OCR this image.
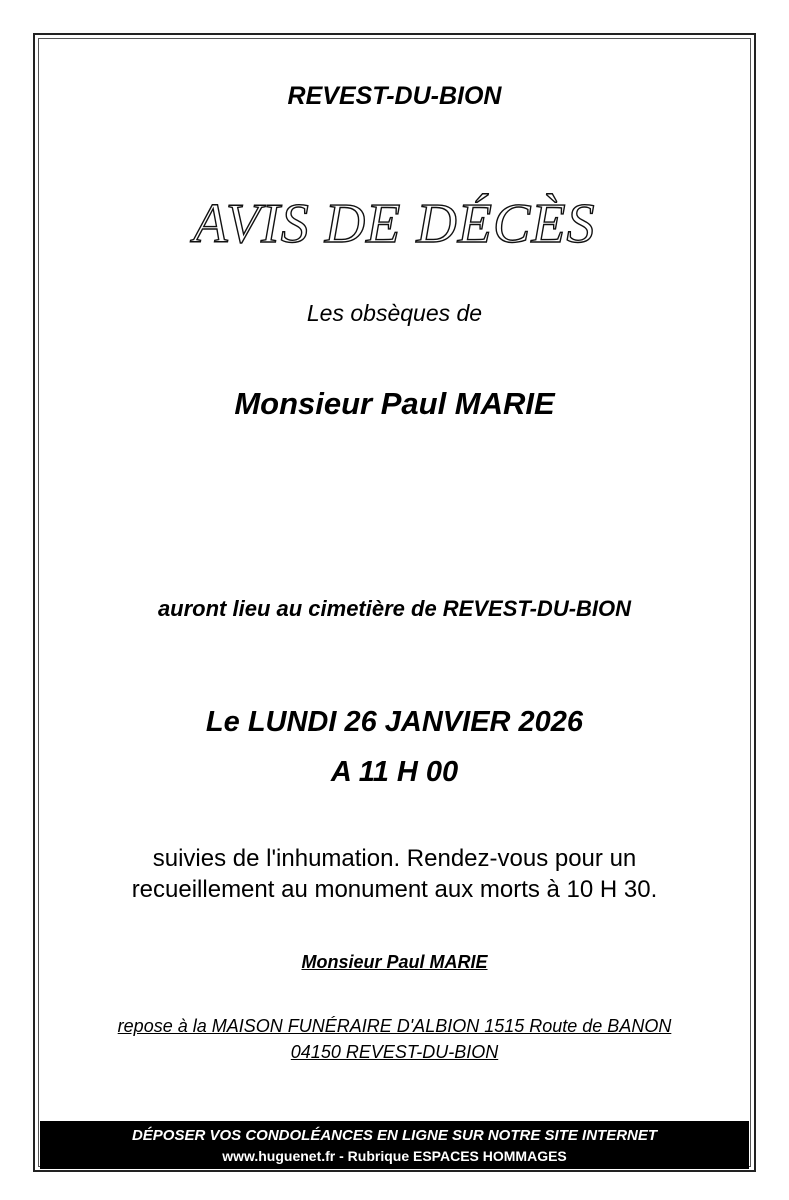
REVEST-DU-BION
AVIS DE DÉCÈS
Les obsèques de
Monsieur Paul MARIE
auront lieu au cimetière de REVEST-DU-BION
Le LUNDI 26 JANVIER 2026
A 11 H 00
suivies de l'inhumation. Rendez-vous pour un
recueillement au monument aux morts à 10 H 30.
Monsieur Paul MARIE
repose à la MAISON FUNÉRAIRE D'ALBION 1515 Route de BANON
04150 REVEST-DU-BION
DÉPOSER VOS CONDOLÉANCES EN LIGNE SUR NOTRE SITE INTERNET
www.huguenet.fr - Rubrique ESPACES HOMMAGES
